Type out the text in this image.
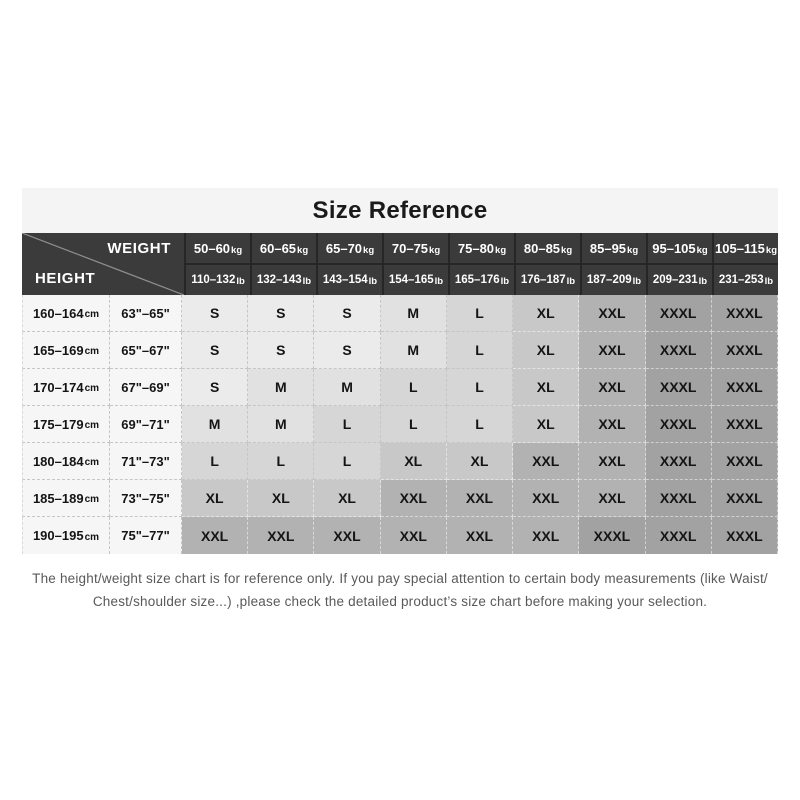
Size Reference
WEIGHT
HEIGHT
50–60 kg 60–65 kg 65–70 kg 70–75 kg 75–80 kg 80–85 kg 85–95 kg 95–105 kg 105–115 kg
110–132 lb 132–143 lb 143–154 lb 154–165 lb 165–176 lb 176–187 lb 187–209 lb 209–231 lb 231–253 lb
160–164 cm 63"–65"	S	S	S	M	L	XL	XXL XXXL XXXL
165–169 cm 65"–67"	S	S	S	M	L	XL	XXL XXXL XXXL
170–174 cm 67"–69"	S	M	M	L	L	XL	XXL XXXL XXXL
175–179 cm 69"–71"	M	M	L	L	L	XL	XXL XXXL XXXL
180–184 cm 71"–73"	L	L	L	XL	XL	XXL	XXL XXXL XXXL
185–189 cm 73"–75"	XL	XL	XL	XXL	XXL	XXL	XXL XXXL XXXL
190–195 cm 75"–77" XXL	XXL	XXL	XXL	XXL	XXL XXXL XXXL XXXL

The height/weight size chart is for reference only. If you pay special attention to certain body measurements (like Waist/

Chest/shoulder size...) ,please check the detailed product’s size chart before making your selection.
